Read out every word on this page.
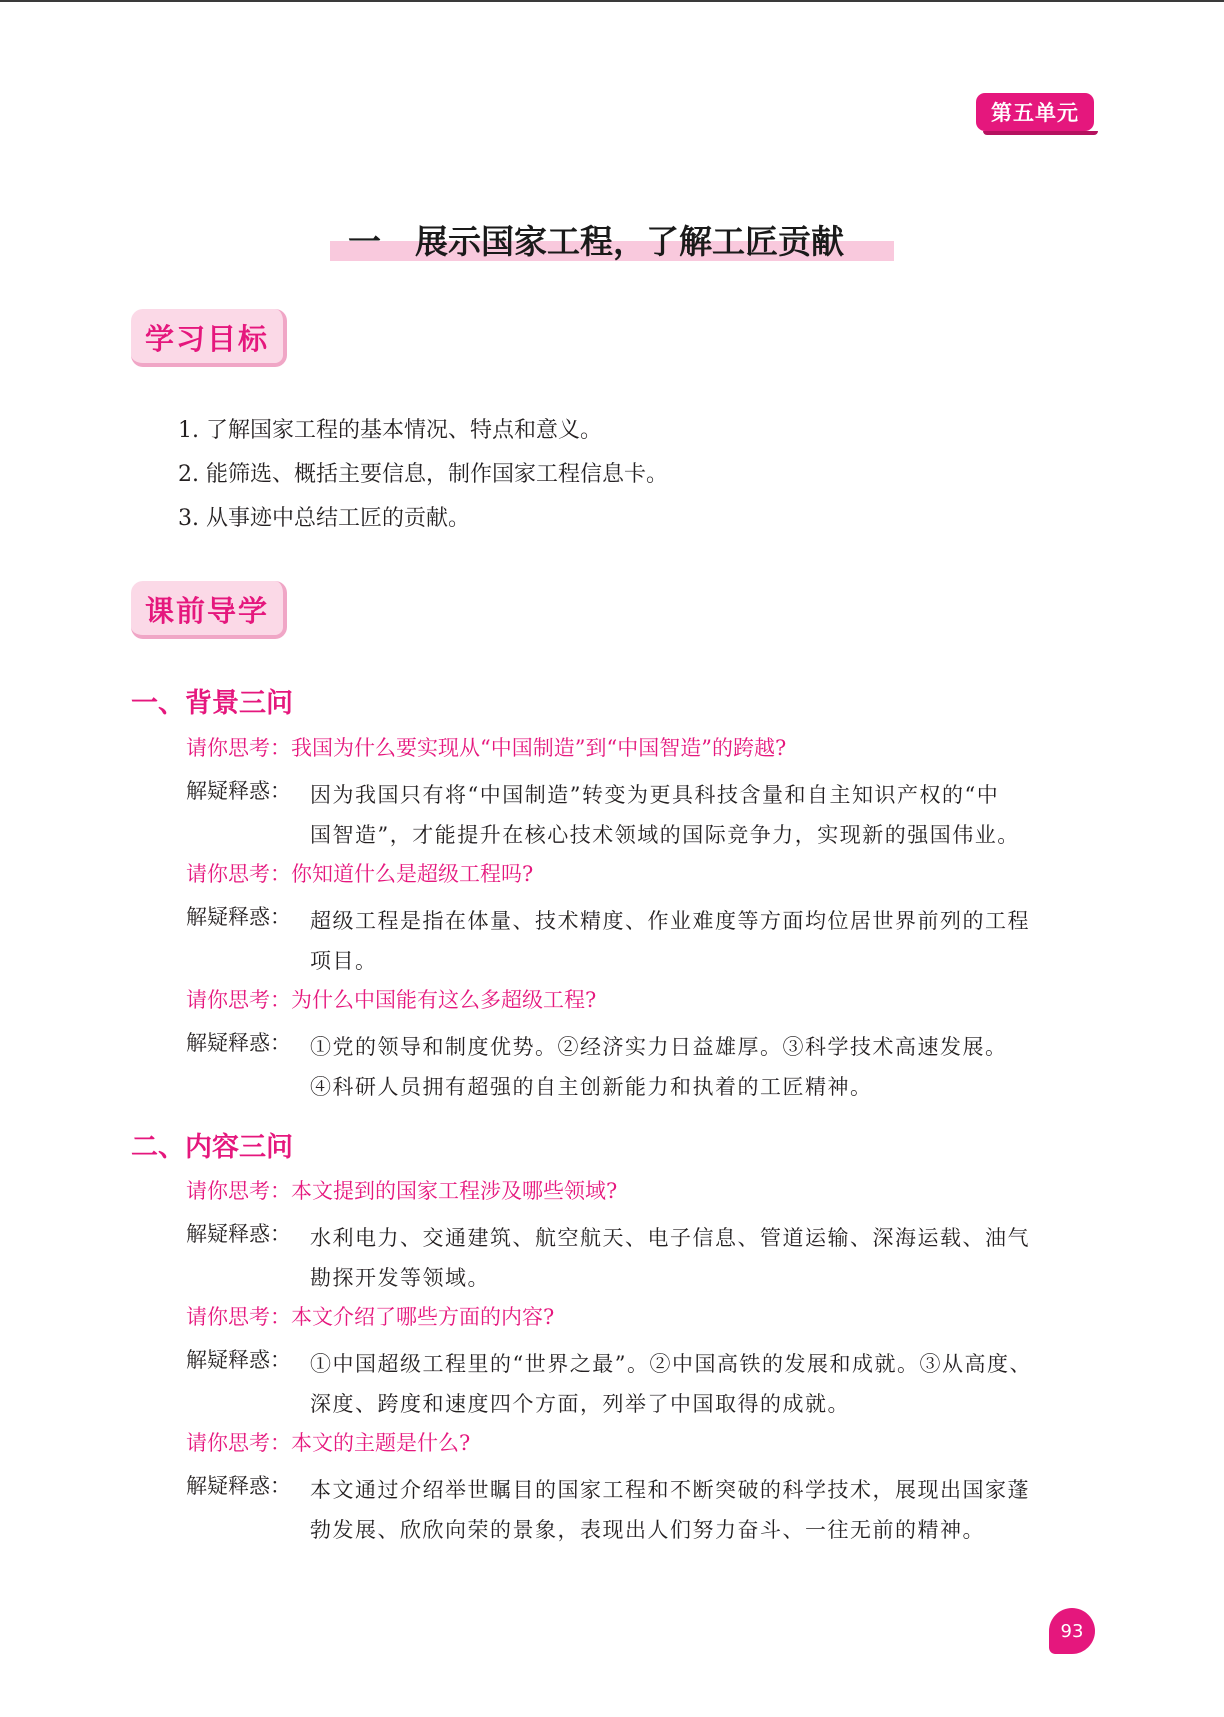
第五单元
一 展示国家工程，了解工匠贡献
学习目标
1. 了解国家工程的基本情况、特点和意义。
2. 能筛选、概括主要信息，制作国家工程信息卡。
3. 从事迹中总结工匠的贡献。
课前导学
一、背景三问
请你思考：我国为什么要实现从“中国制造”到“中国智造”的跨越?
解疑释惑： 因为我国只有将“中国制造”转变为更具科技含量和自主知识产权的“中
国智造”，才能提升在核心技术领域的国际竞争力，实现新的强国伟业。
请你思考：你知道什么是超级工程吗?
解疑释惑： 超级工程是指在体量、技术精度、作业难度等方面均位居世界前列的工程
项目。
请你思考：为什么中国能有这么多超级工程?
解疑释惑： ①党的领导和制度优势。②经济实力日益雄厚。③科学技术高速发展。
④科研人员拥有超强的自主创新能力和执着的工匠精神。
二、内容三问
请你思考：本文提到的国家工程涉及哪些领域?
解疑释惑： 水利电力、交通建筑、航空航天、电子信息、管道运输、深海运载、油气
勘探开发等领域。
请你思考：本文介绍了哪些方面的内容?
解疑释惑： ①中国超级工程里的“世界之最”。②中国高铁的发展和成就。③从高度、
深度、跨度和速度四个方面，列举了中国取得的成就。
请你思考：本文的主题是什么?
解疑释惑： 本文通过介绍举世瞩目的国家工程和不断突破的科学技术，展现出国家蓬
勃发展、欣欣向荣的景象，表现出人们努力奋斗、一往无前的精神。
93
